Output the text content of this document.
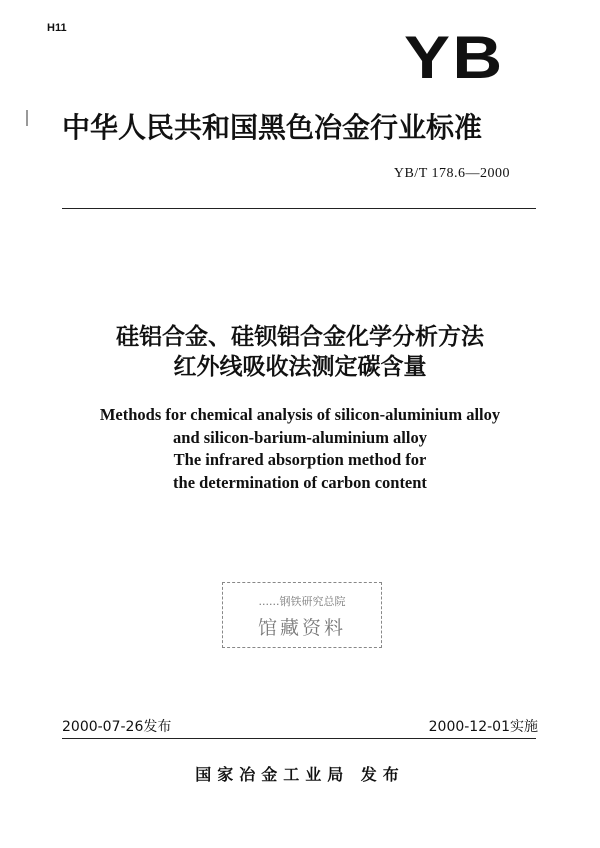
H11	YB
中华人民共和国黑色冶金行业标准
YB/T 178.6—2000
硅铝合金、硅钡铝合金化学分析方法
红外线吸收法测定碳含量
Methods for chemical analysis of silicon-aluminium alloy
and silicon-barium-aluminium alloy
The infrared absorption method for
the determination of carbon content
......钢铁研究总院
馆藏资料
2000-07-26发布	2000-12-01实施
国家冶金工业局 发布
